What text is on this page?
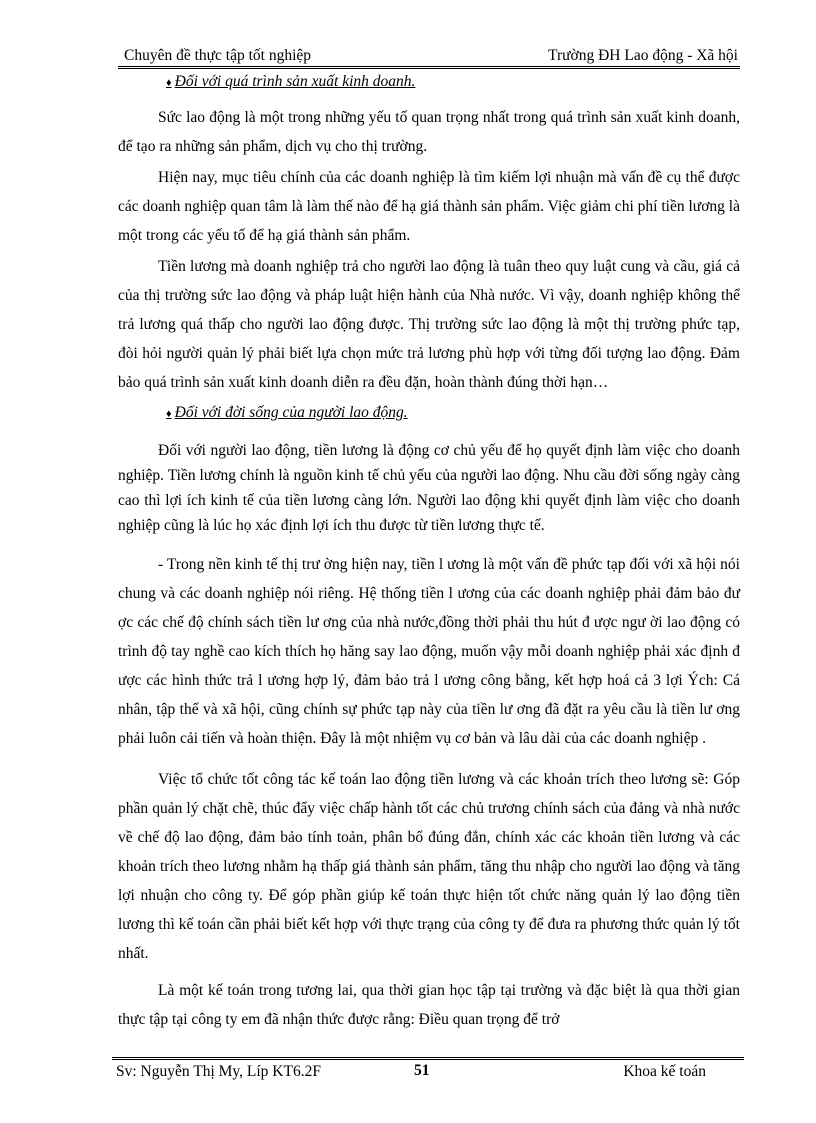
Chuyên đề thực tập tốt nghiệp	Trường ĐH Lao động - Xã hội
♦ Đối với quá trình sản xuất kinh doanh.

Sức lao động là một trong những yếu tố quan trọng nhất trong quá trình sản xuất kinh doanh, để tạo ra những sản phẩm, dịch vụ cho thị trường.

Hiện nay, mục tiêu chính của các doanh nghiệp là tìm kiếm lợi nhuận mà vấn đề cụ thể được các doanh nghiệp quan tâm là làm thế nào để hạ giá thành sản phẩm. Việc giảm chi phí tiền lương là một trong các yếu tố để hạ giá thành sản phẩm.

Tiền lương mà doanh nghiệp trả cho người lao động là tuân theo quy luật cung và cầu, giá cả của thị trường sức lao động và pháp luật hiện hành của Nhà nước. Vì vậy, doanh nghiệp không thể trả lương quá thấp cho người lao động được. Thị trường sức lao động là một thị trường phức tạp, đòi hỏi người quản lý phải biết lựa chọn mức trả lương phù hợp với từng đối tượng lao động. Đảm bảo quá trình sản xuất kinh doanh diễn ra đều đặn, hoàn thành đúng thời hạn…

♦ Đối với đời sống của người lao động.

Đối với người lao động, tiền lương là động cơ chủ yếu để họ quyết định làm việc cho doanh nghiệp. Tiền lương chính là nguồn kinh tế chủ yếu của người lao động. Nhu cầu đời sống ngày càng cao thì lợi ích kinh tế của tiền lương càng lớn. Người lao động khi quyết định làm việc cho doanh nghiệp cũng là lúc họ xác định lợi ích thu được từ tiền lương thực tế.

- Trong nền kinh tế thị trư ờng hiện nay, tiền l ương là một vấn đề phức tạp đối với xã hội nói chung và các doanh nghiệp nói riêng. Hệ thống tiền l ương của các doanh nghiệp phải đảm bảo đư ợc các chế độ chính sách tiền lư ơng của nhà nước,đồng thời phải thu hút đ ược ngư ời lao động có trình độ tay nghề cao kích thích họ hăng say lao động, muốn vậy mỗi doanh nghiệp phải xác định đ ược các hình thức trả l ương hợp lý, đảm bảo trả l ương công bằng, kết hợp hoá cả 3 lợi Ých: Cá nhân, tập thể và xã hội, cũng chính sự phức tạp này của tiền lư ơng đã đặt ra yêu cầu là tiền lư ơng phải luôn cải tiến và hoàn thiện. Đây là một nhiệm vụ cơ bản và lâu dài của các doanh nghiệp .

Việc tổ chức tốt công tác kế toán lao động tiền lương và các khoản trích theo lương sẽ: Góp phần quản lý chặt chẽ, thúc đẩy việc chấp hành tốt các chủ trương chính sách của đảng và nhà nước về chế độ lao động, đảm bảo tính toản, phân bổ đúng đắn, chính xác các khoản tiền lương và các khoản trích theo lương nhằm hạ thấp giá thành sản phẩm, tăng thu nhập cho người lao động và tăng lợi nhuận cho công ty. Để góp phần giúp kế toán thực hiện tốt chức năng quản lý lao động tiền lương thì kế toán cần phải biết kết hợp với thực trạng của công ty để đưa ra phương thức quản lý tốt nhất.

Là một kế toán trong tương lai, qua thời gian học tập tại trường và đặc biệt là qua thời gian thực tập tại công ty em đã nhận thức được rằng: Điều quan trọng để trở

Sv: Nguyễn Thị My, Líp KT6.2F	51	Khoa kế toán
